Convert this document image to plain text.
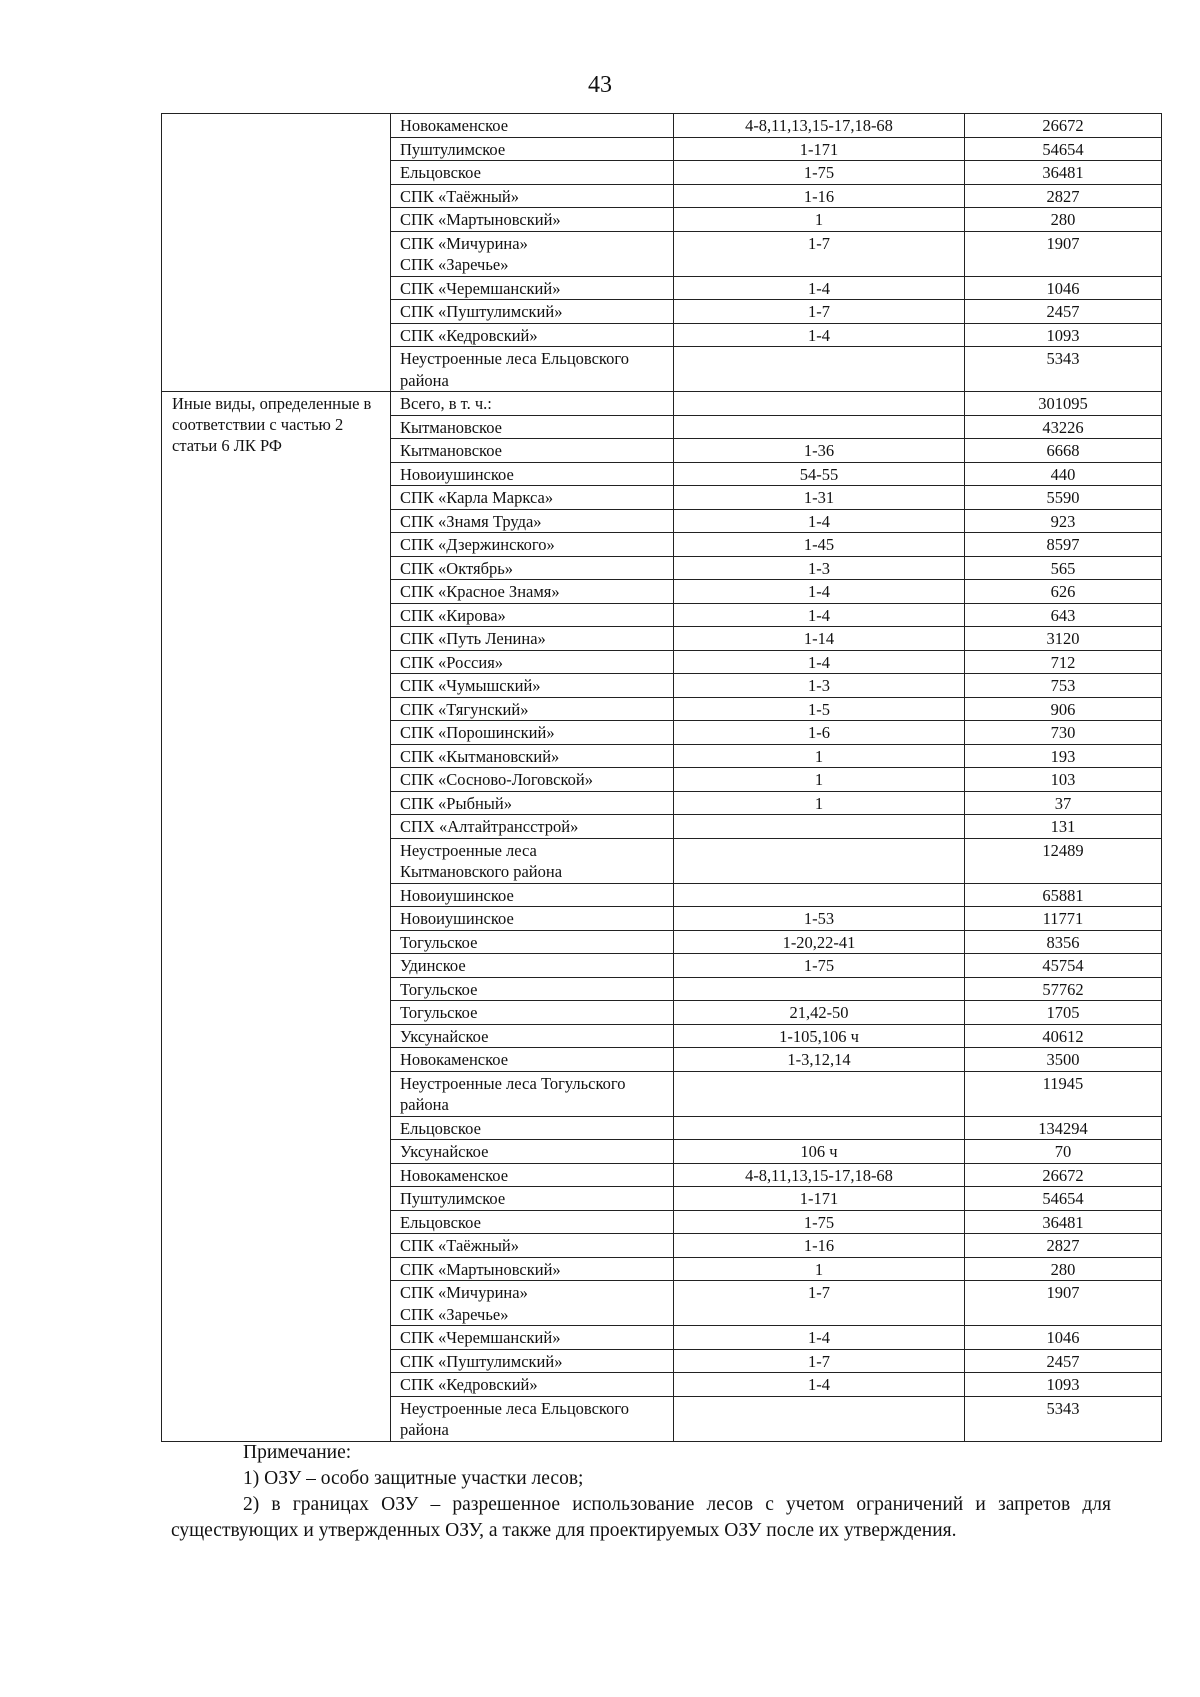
43

	Новокаменское	4-8,11,13,15-17,18-68	26672

	Пуштулимское	1-171	54654

	Ельцовское	1-75	36481

	СПК «Таёжный»	1-16	2827

	СПК «Мартыновский»	1	280

	СПК «Мичурина»
СПК «Заречье»	1-7	1907

	СПК «Черемшанский»	1-4	1046

	СПК «Пуштулимский»	1-7	2457

	СПК «Кедровский»	1-4	1093

	Неустроенные леса Ельцовского
района		5343
Иные виды, определенные в соответствии с частью 2 статьи 6 ЛК РФ	Всего, в т. ч.:		301095

	Кытмановское		43226

	Кытмановское	1-36	6668

	Новоиушинское	54-55	440

	СПК «Карла Маркса»	1-31	5590

	СПК «Знамя Труда»	1-4	923

	СПК «Дзержинского»	1-45	8597

	СПК «Октябрь»	1-3	565

	СПК «Красное Знамя»	1-4	626

	СПК «Кирова»	1-4	643

	СПК «Путь Ленина»	1-14	3120

	СПК «Россия»	1-4	712

	СПК «Чумышский»	1-3	753

	СПК «Тягунский»	1-5	906

	СПК «Порошинский»	1-6	730

	СПК «Кытмановский»	1	193

	СПК «Сосново-Логовской»	1	103

	СПК «Рыбный»	1	37

	СПХ «Алтайтрансстрой»		131

	Неустроенные леса
Кытмановского района		12489

	Новоиушинское		65881

	Новоиушинское	1-53	11771

	Тогульское	1-20,22-41	8356

	Удинское	1-75	45754

	Тогульское		57762

	Тогульское	21,42-50	1705

	Уксунайское	1-105,106 ч	40612

	Новокаменское	1-3,12,14	3500

	Неустроенные леса Тогульского
района		11945

	Ельцовское		134294

	Уксунайское	106 ч	70

	Новокаменское	4-8,11,13,15-17,18-68	26672

	Пуштулимское	1-171	54654

	Ельцовское	1-75	36481

	СПК «Таёжный»	1-16	2827

	СПК «Мартыновский»	1	280

	СПК «Мичурина»
СПК «Заречье»	1-7	1907

	СПК «Черемшанский»	1-4	1046

	СПК «Пуштулимский»	1-7	2457

	СПК «Кедровский»	1-4	1093

	Неустроенные леса Ельцовского
района		5343

Примечание:

1) ОЗУ – особо защитные участки лесов;

2) в границах ОЗУ – разрешенное использование лесов с учетом ограничений и запретов для существующих и утвержденных ОЗУ, а также для проектируемых ОЗУ после их утверждения.
